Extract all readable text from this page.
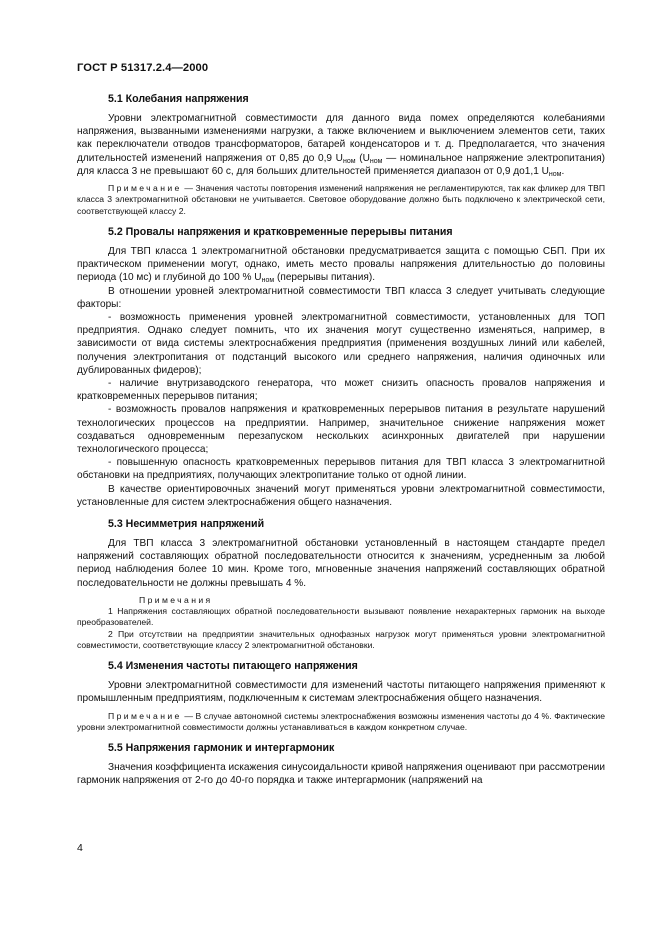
ГОСТ Р 51317.2.4—2000
5.1 Колебания напряжения

Уровни электромагнитной совместимости для данного вида помех определяются колебаниями напряжения, вызванными изменениями нагрузки, а также включением и выключением элементов сети, таких как переключатели отводов трансформаторов, батарей конденсаторов и т. д. Предполагается, что значения длительностей изменений напряжения от 0,85 до 0,9 $U_{ном}$ ($U_{ном}$ — номинальное напряжение электропитания) для класса 3 не превышают 60 с, для больших длительностей применяется диапазон от 0,9 до1,1 $U_{ном}$.

Примечание — Значения частоты повторения изменений напряжения не регламентируются, так как фликер для ТВП класса 3 электромагнитной обстановки не учитывается. Световое оборудование должно быть подключено к электрической сети, соответствующей классу 2.

5.2 Провалы напряжения и кратковременные перерывы питания

Для ТВП класса 1 электромагнитной обстановки предусматривается защита с помощью СБП. При их практическом применении могут, однако, иметь место провалы напряжения длительностью до половины периода (10 мс) и глубиной до 100 % $U_{ном}$ (перерывы питания).

В отношении уровней электромагнитной совместимости ТВП класса 3 следует учитывать следующие факторы:

- возможность применения уровней электромагнитной совместимости, установленных для ТОП предприятия. Однако следует помнить, что их значения могут существенно изменяться, например, в зависимости от вида системы электроснабжения предприятия (применения воздушных линий или кабелей, получения электропитания от подстанций высокого или среднего напряжения, наличия одиночных или дублированных фидеров);

- наличие внутризаводского генератора, что может снизить опасность провалов напряжения и кратковременных перерывов питания;

- возможность провалов напряжения и кратковременных перерывов питания в результате нарушений технологических процессов на предприятии. Например, значительное снижение напряжения может создаваться одновременным перезапуском нескольких асинхронных двигателей при нарушении технологического процесса;

- повышенную опасность кратковременных перерывов питания для ТВП класса 3 электромагнитной обстановки на предприятиях, получающих электропитание только от одной линии.

В качестве ориентировочных значений могут применяться уровни электромагнитной совместимости, установленные для систем электроснабжения общего назначения.

5.3 Несимметрия напряжений

Для ТВП класса 3 электромагнитной обстановки установленный в настоящем стандарте предел напряжений составляющих обратной последовательности относится к значениям, усредненным за любой период наблюдения более 10 мин. Кроме того, мгновенные значения напряжений составляющих обратной последовательности не должны превышать 4 %.

Примечания

1 Напряжения составляющих обратной последовательности вызывают появление нехарактерных гармоник на выходе преобразователей.

2 При отсутствии на предприятии значительных однофазных нагрузок могут применяться уровни электромагнитной совместимости, соответствующие классу 2 электромагнитной обстановки.

5.4 Изменения частоты питающего напряжения

Уровни электромагнитной совместимости для изменений частоты питающего напряжения применяют к промышленным предприятиям, подключенным к системам электроснабжения общего назначения.

Примечание — В случае автономной системы электроснабжения возможны изменения частоты до 4 %. Фактические уровни электромагнитной совместимости должны устанавливаться в каждом конкретном случае.

5.5 Напряжения гармоник и интергармоник

Значения коэффициента искажения синусоидальности кривой напряжения оценивают при рассмотрении гармоник напряжения от 2-го до 40-го порядка и также интергармоник (напряжений на

4
